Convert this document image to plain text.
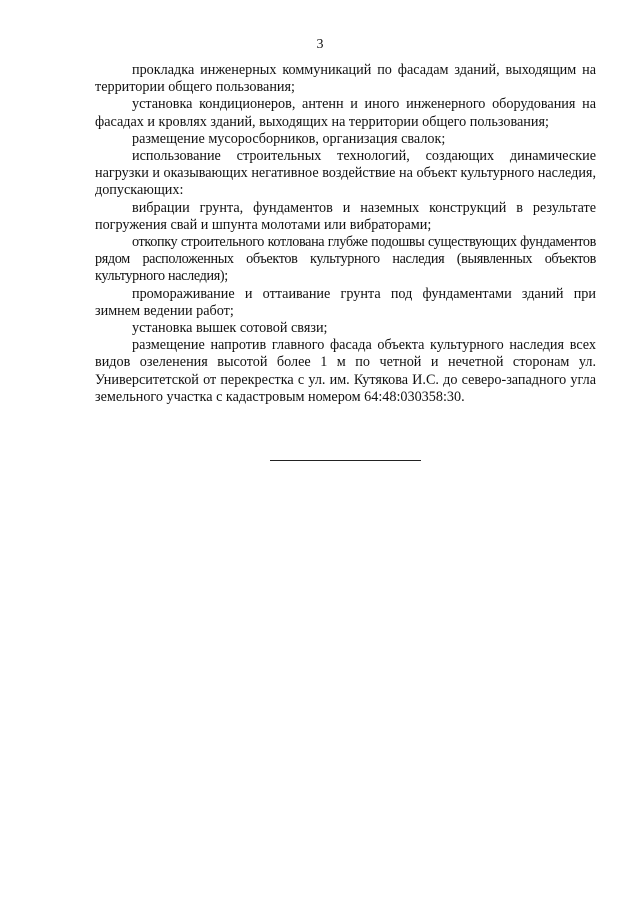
3

прокладка инженерных коммуникаций по фасадам зданий, выходящим на территории общего пользования;

установка кондиционеров, антенн и иного инженерного оборудования на фасадах и кровлях зданий, выходящих на территории общего пользования;

размещение мусоросборников, организация свалок;

использование строительных технологий, создающих динамические нагрузки и оказывающих негативное воздействие на объект культурного наследия, допускающих:

вибрации грунта, фундаментов и наземных конструкций в результате погружения свай и шпунта молотами или вибраторами;

откопку строительного котлована глубже подошвы существующих фундаментов рядом расположенных объектов культурного наследия (выявленных объектов культурного наследия);

промораживание и оттаивание грунта под фундаментами зданий при зимнем ведении работ;

установка вышек сотовой связи;

размещение напротив главного фасада объекта культурного наследия всех видов озеленения высотой более 1 м по четной и нечетной сторонам ул. Университетской от перекрестка с ул. им. Кутякова И.С. до северо-западного угла земельного участка с кадастровым номером 64:48:030358:30.
